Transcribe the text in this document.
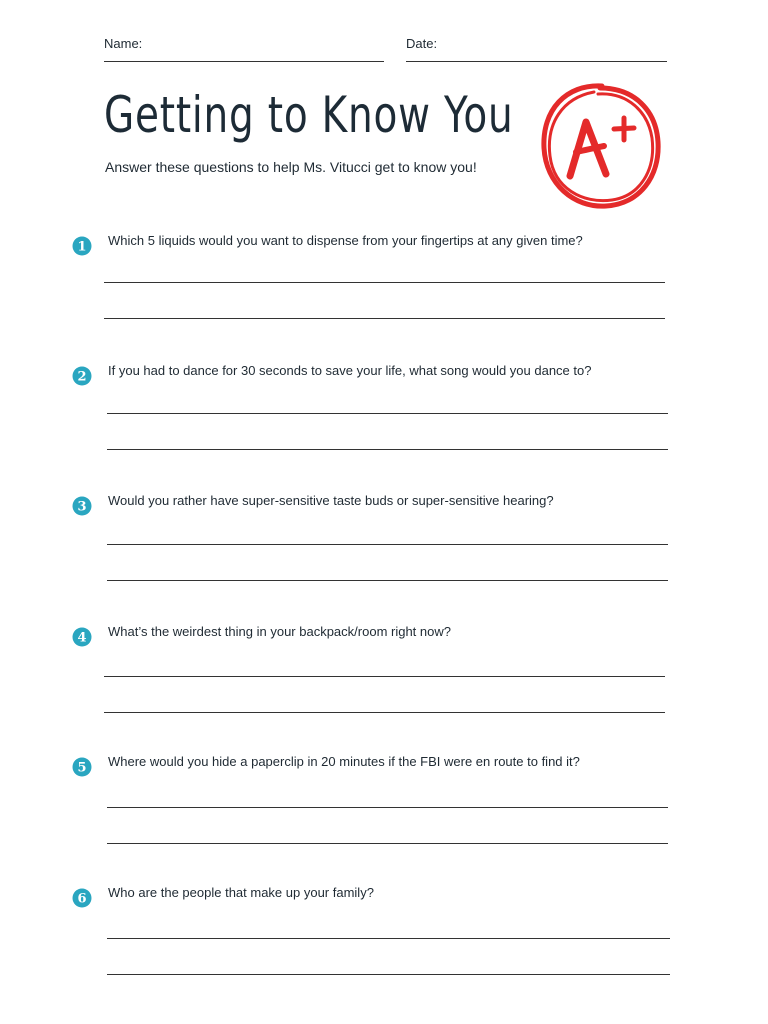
Name:	Date:
Getting to Know You
Answer these questions to help Ms. Vitucci get to know you!
1 Which 5 liquids would you want to dispense from your fingertips at any given time?
2 If you had to dance for 30 seconds to save your life, what song would you dance to?
3 Would you rather have super-sensitive taste buds or super-sensitive hearing?
4 What’s the weirdest thing in your backpack/room right now?
5 Where would you hide a paperclip in 20 minutes if the FBI were en route to find it?
6 Who are the people that make up your family?
